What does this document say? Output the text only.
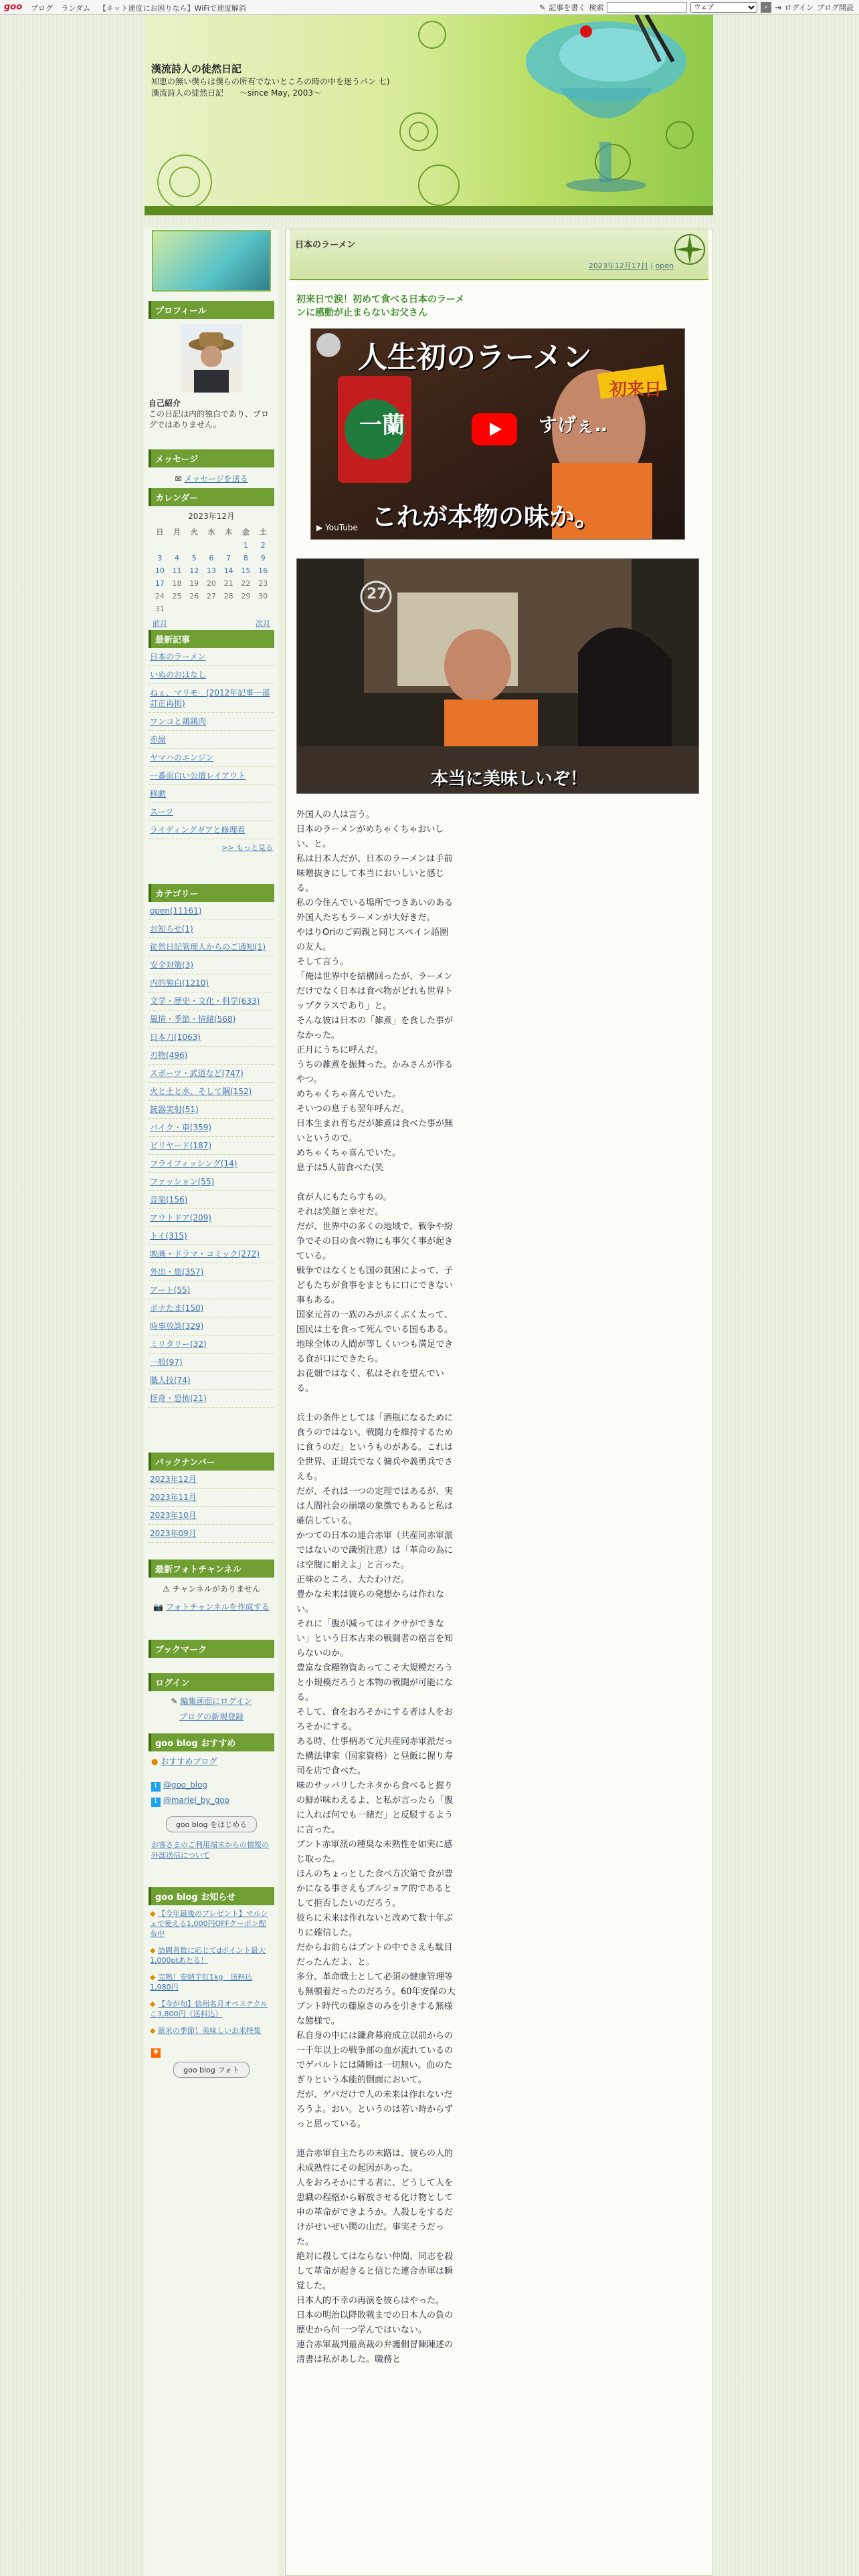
goo ブログ ランダム 【ネット速度にお困りなら】WiFiで速度解消	✎ 記事を書く 検索
ウェブ	⌕ ⇥ ログイン ブログ開設
漢流詩人の徒然日記
知恵の無い僕らは僕らの所有でないところの時の中を迷うパン 七)　漢流詩人の徒然日記　　〜since May, 2003〜
プロフィール
自己紹介
この日記は内的独白であり、ブログではありません。
メッセージ
✉ メッセージを送る
カレンダー
2023年12月
日	月	火	水	木	金	土
					1	2
3	4	5	6	7	8	9
10	11	12	13	14	15	16
17	18	19	20	21	22	23
24	25	26	27	28	29	30
31						
前月	次月
最新記事
日本のラーメン
いぬのおはなし
ねぇ、マリモ　(2012年記事一部訂正再掲)
ワンコと鶏鶏肉
赤緑
ヤマハのエンジン
一番面白い公道レイアウト
移動
スーツ
ライディングギアと修理着
>> もっと見る
カテゴリー
open(11161)
お知らせ(1)
徒然日記管理人からのご通知(1)
安全対策(3)
内的独白(1210)
文学・歴史・文化・科学(633)
風情・季節・情緒(568)
日本刀(1063)
刃物(496)
スポーツ・武道など(747)
火と土と水、そして鋼(152)
銃器実射(51)
バイク・車(359)
ビリヤード(187)
フライフィッシング(14)
ファッション(55)
音楽(156)
アウトドア(209)
トイ(315)
映画・ドラマ・コミック(272)
外出・旅(357)
アート(55)
ボナたま(150)
時事放談(329)
ミリタリー(32)
一般(97)
職人技(74)
怪奇・恐怖(21)
バックナンバー
2023年12月
2023年11月
2023年10月
2023年09月
最新フォトチャンネル
⚠ チャンネルがありません
📷 フォトチャンネルを作成する
ブックマーク
ログイン
✎ 編集画面にログイン
ブログの新規登録
goo blog おすすめ
● おすすめブログ
t @goo_blog
t @mariel_by_goo
goo blog をはじめる
お客さまのご利用端末からの情報の外部送信について
goo blog お知らせ
◆ 【今年最後のプレゼント】マルシェで使える1,000円OFFクーポン配布中
◆ 訪問者数に応じてdポイント最大1,000ptあたる！
◆ 完熟！安納芋紅1kg　送料込1,980円
◆ 【今が旬】信州名月オペステクルこ3,800円（送料込）
◆ 新米の季節！美味しいお米特集
◉
goo blog フォト
日本のラーメン
2023年12月17日 | open
初来日で涙！初めて食べる日本のラーメンに感動が止まらないお父さん
人生初のラーメン
初来日
一蘭	すげぇ‥
これが本物の味か。
▶ YouTube
27
本当に美味しいぞ！

外国人の人は言う。

日本のラーメンがめちゃくちゃおいしい、と。

私は日本人だが、日本のラーメンは手前味噌抜きにして本当においしいと感じる。

私の今住んでいる場所でつきあいのある外国人たちもラーメンが大好きだ。

やはりOriのご両親と同じスペイン語圏の友人。

そして言う。

「俺は世界中を結構回ったが、ラーメンだけでなく日本は食べ物がどれも世界トップクラスであり」と。

そんな彼は日本の「雑煮」を食した事がなかった。

正月にうちに呼んだ。

うちの雑煮を振舞った。かみさんが作るやつ。

めちゃくちゃ喜んでいた。

そいつの息子も翌年呼んだ。

日本生まれ育ちだが雑煮は食べた事が無いというので。

めちゃくちゃ喜んでいた。

息子は5人前食べた(笑

食が人にもたらすもの。

それは笑顔と幸せだ。

だが、世界中の多くの地域で、戦争や紛争でその日の食べ物にも事欠く事が起きている。

戦争ではなくとも国の貧困によって、子どもたちが食事をまともに口にできない事もある。

国家元首の一族のみがぶくぶく太って、国民は土を食って死んでいる国もある。

地球全体の人間が等しくいつも満足できる食が口にできたら。

お花畑ではなく、私はそれを望んでいる。

兵士の条件としては「酒瓶になるために食うのではない。戦闘力を維持するために食うのだ」というものがある。これは全世界、正規兵でなく傭兵や義勇兵でさえも。

だが、それは一つの定理ではあるが、実は人間社会の崩壊の象徴でもあると私は確信している。

かつての日本の連合赤軍（共産同赤軍派ではないので識別注意）は「革命の為には空腹に耐えよ」と言った。

正味のところ、大たわけだ。

豊かな未来は彼らの発想からは作れない。

それに「腹が減ってはイクサができない」という日本古来の戦闘者の格言を知らないのか。

豊富な食糧物資あってこそ大規模だろうと小規模だろうと本物の戦闘が可能になる。

そして、食をおろそかにする者は人をおろそかにする。

ある時、仕事柄あて元共産同赤軍派だった構法律家（国家資格）と昼飯に握り寿司を店で食べた。

味のサッパリしたネタから食べると握りの鮮が味わえるよ、と私が言ったら「腹に入れば何でも一緒だ」と反駁するように言った。

ブント赤軍派の種臭な未熟性を如実に感じ取った。

ほんのちょっとした食べ方次第で食が豊かになる事さえもブルジョア的であるとして拒否したいのだろう。

彼らに未来は作れないと改めて数十年ぶりに確信した。

だからお前らはブントの中でさえも駄目だったんだよ、と。

多分、革命戦士として必須の健康管理等も無頓着だったのだろう。60年安保の大ブント時代の藤原さのみを引きする無様な態様で。

私自身の中には鎌倉幕府成立以前からの一千年以上の戦争部の血が流れているのでゲバルトには隣睡は一切無い。血のたぎりという本能的側面において。

だが、ゲバだけで人の未来は作れないだろうよ。おい。というのは若い時からずっと思っている。

連合赤軍自主たちの末路は、彼らの人的未成熟性にその起因があった。

人をおろそかにする者に、どうして人を患職の程格から解放させる化け物として申の革命ができようか。人殺しをするだけがせいぜい関の山だ。事実そうだった。

絶対に殺してはならない仲間、同志を殺して革命が起きると信じた連合赤軍は瞬覚した。

日本人的不幸の再演を彼らはやった。

日本の明治以降敗戦までの日本人の負の歴史から何一つ学んではいない。

連合赤軍裁判最高裁の弁護側冒陳陳述の清書は私があした。職務と
